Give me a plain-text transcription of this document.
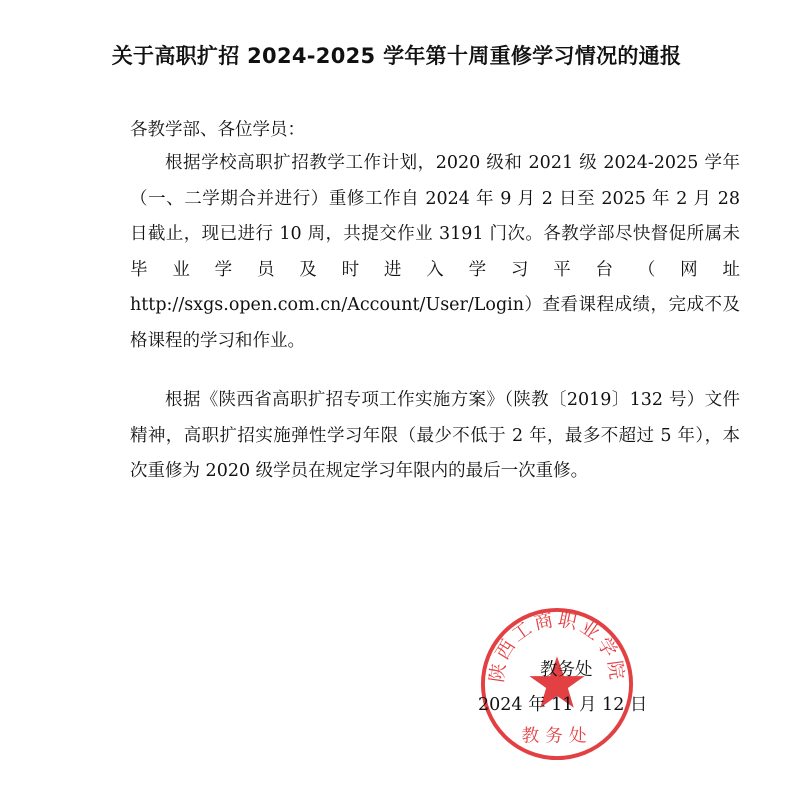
关于高职扩招 2024-2025 学年第十周重修学习情况的通报
各教学部、各位学员：

根据学校高职扩招教学工作计划，2020 级和 2021 级 2024-2025 学年（一、二学期合并进行）重修工作自 2024 年 9 月 2 日至 2025 年 2 月 28 日截止，现已进行 10 周，共提交作业 3191 门次。各教学部尽快督促所属未毕业学员及时进入学习平台（网址 http://sxgs.open.com.cn/Account/User/Login）查看课程成绩，完成不及格课程的学习和作业。

根据《陕西省高职扩招专项工作实施方案》（陕教〔2019〕132 号）文件精神，高职扩招实施弹性学习年限（最少不低于 2 年，最多不超过 5 年），本次重修为 2020 级学员在规定学习年限内的最后一次重修。

陕西工商职业学院
教务处
教务处
2024 年 11 月 12 日
